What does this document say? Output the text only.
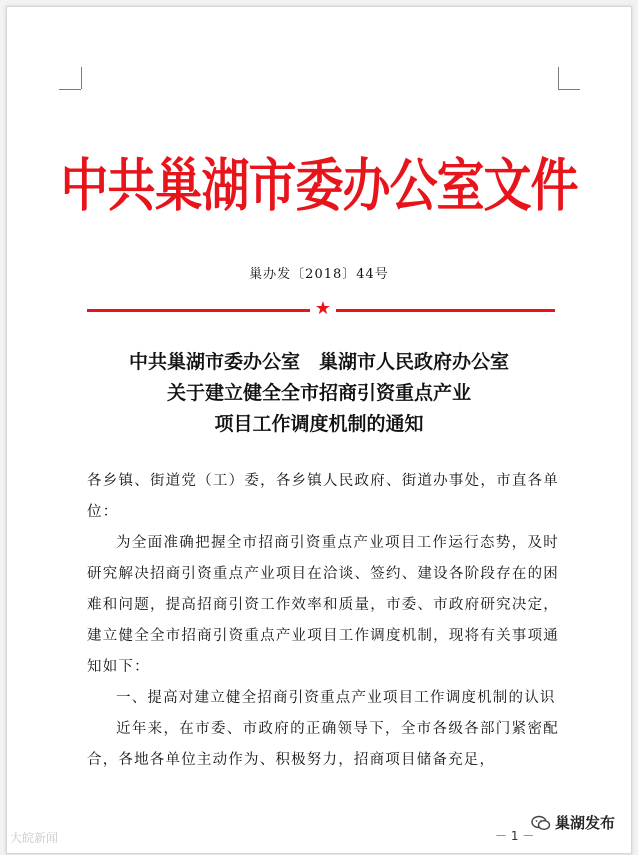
中共巢湖市委办公室文件
巢办发〔2018〕44号
★
中共巢湖市委办公室　巢湖市人民政府办公室
关于建立健全全市招商引资重点产业
项目工作调度机制的通知

各乡镇、街道党（工）委，各乡镇人民政府、街道办事处，市直各单位：

为全面准确把握全市招商引资重点产业项目工作运行态势，及时研究解决招商引资重点产业项目在洽谈、签约、建设各阶段存在的困难和问题，提高招商引资工作效率和质量，市委、市政府研究决定，建立健全全市招商引资重点产业项目工作调度机制，现将有关事项通知如下：

一、提高对建立健全招商引资重点产业项目工作调度机制的认识

近年来，在市委、市政府的正确领导下，全市各级各部门紧密配合，各地各单位主动作为、积极努力，招商项目储备充足，

－ 1 －
大皖新闻
巢湖发布
